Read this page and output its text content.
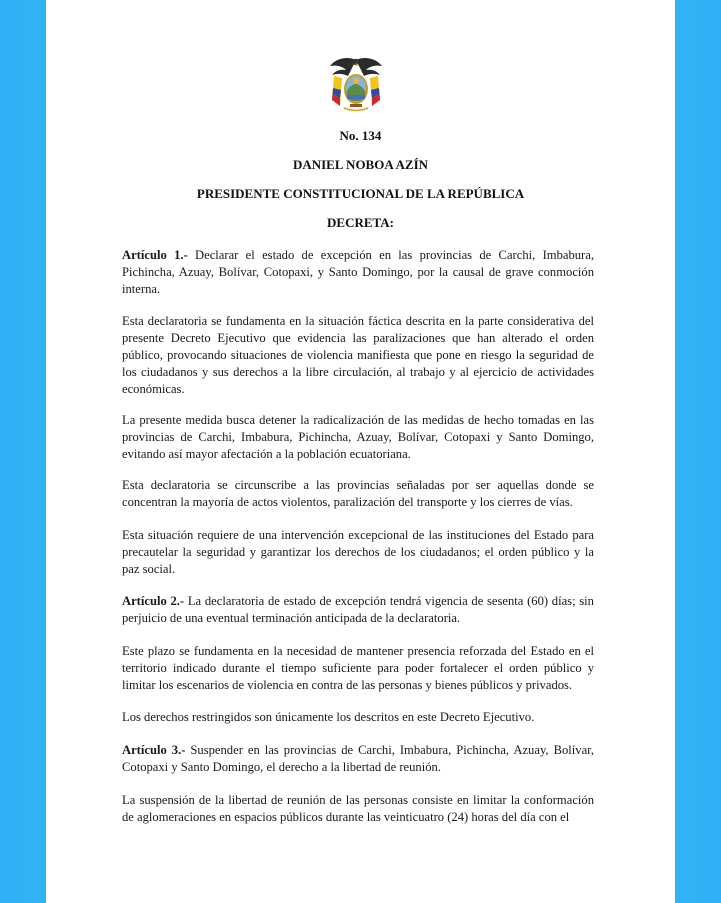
No. 134
DANIEL NOBOA AZÍN
PRESIDENTE CONSTITUCIONAL DE LA REPÚBLICA
DECRETA:

Artículo 1.- Declarar el estado de excepción en las provincias de Carchi, Imbabura, Pichincha, Azuay, Bolívar, Cotopaxi, y Santo Domingo, por la causal de grave conmoción interna.

Esta declaratoria se fundamenta en la situación fáctica descrita en la parte considerativa del presente Decreto Ejecutivo que evidencia las paralizaciones que han alterado el orden público, provocando situaciones de violencia manifiesta que pone en riesgo la seguridad de los ciudadanos y sus derechos a la libre circulación, al trabajo y al ejercicio de actividades económicas.

La presente medida busca detener la radicalización de las medidas de hecho tomadas en las provincias de Carchi, Imbabura, Pichincha, Azuay, Bolívar, Cotopaxi y Santo Domingo, evitando así mayor afectación a la población ecuatoriana.

Esta declaratoria se circunscribe a las provincias señaladas por ser aquellas donde se concentran la mayoría de actos violentos, paralización del transporte y los cierres de vías.

Esta situación requiere de una intervención excepcional de las instituciones del Estado para precautelar la seguridad y garantizar los derechos de los ciudadanos; el orden público y la paz social.

Artículo 2.- La declaratoria de estado de excepción tendrá vigencia de sesenta (60) días; sin perjuicio de una eventual terminación anticipada de la declaratoria.

Este plazo se fundamenta en la necesidad de mantener presencia reforzada del Estado en el territorio indicado durante el tiempo suficiente para poder fortalecer el orden público y limitar los escenarios de violencia en contra de las personas y bienes públicos y privados.

Los derechos restringidos son únicamente los descritos en este Decreto Ejecutivo.

Artículo 3.- Suspender en las provincias de Carchi, Imbabura, Pichincha, Azuay, Bolívar, Cotopaxi y Santo Domingo, el derecho a la libertad de reunión.

La suspensión de la libertad de reunión de las personas consiste en limitar la conformación de aglomeraciones en espacios públicos durante las veinticuatro (24) horas del día con el
